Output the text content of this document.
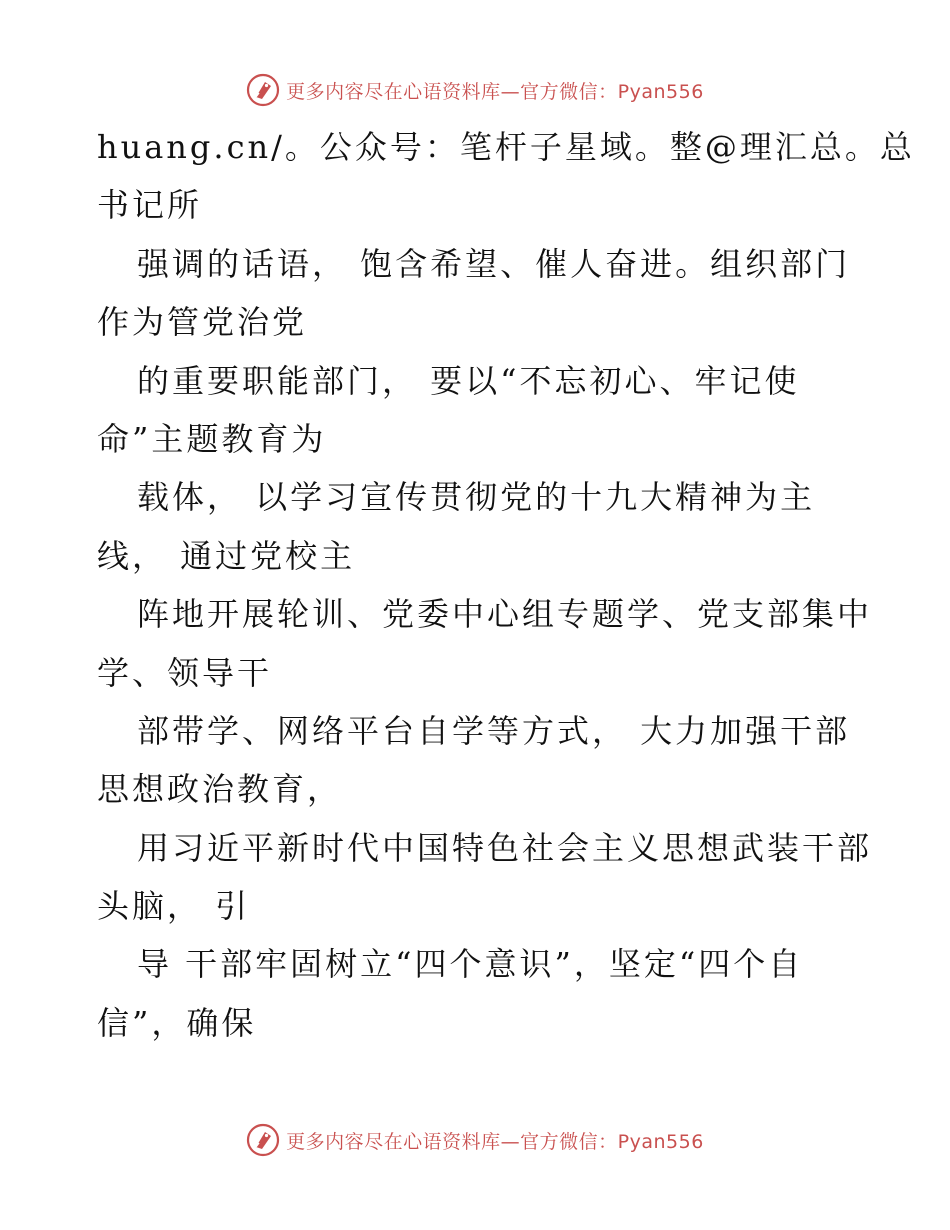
更多内容尽在心语资料库—官方微信：Pyan556
huang.cn/。公众号：笔杆子星域。整@理汇总。总
书记所
强调的话语， 饱含希望、催人奋进。组织部门
作为管党治党
的重要职能部门， 要以“不忘初心、牢记使
命”主题教育为
载体， 以学习宣传贯彻党的十九大精神为主
线， 通过党校主
阵地开展轮训、党委中心组专题学、党支部集中
学、领导干
部带学、网络平台自学等方式， 大力加强干部
思想政治教育，
用习近平新时代中国特色社会主义思想武装干部
头脑， 引
导 干部牢固树立“四个意识”，坚定“四个自
信”，确保
更多内容尽在心语资料库—官方微信：Pyan556
